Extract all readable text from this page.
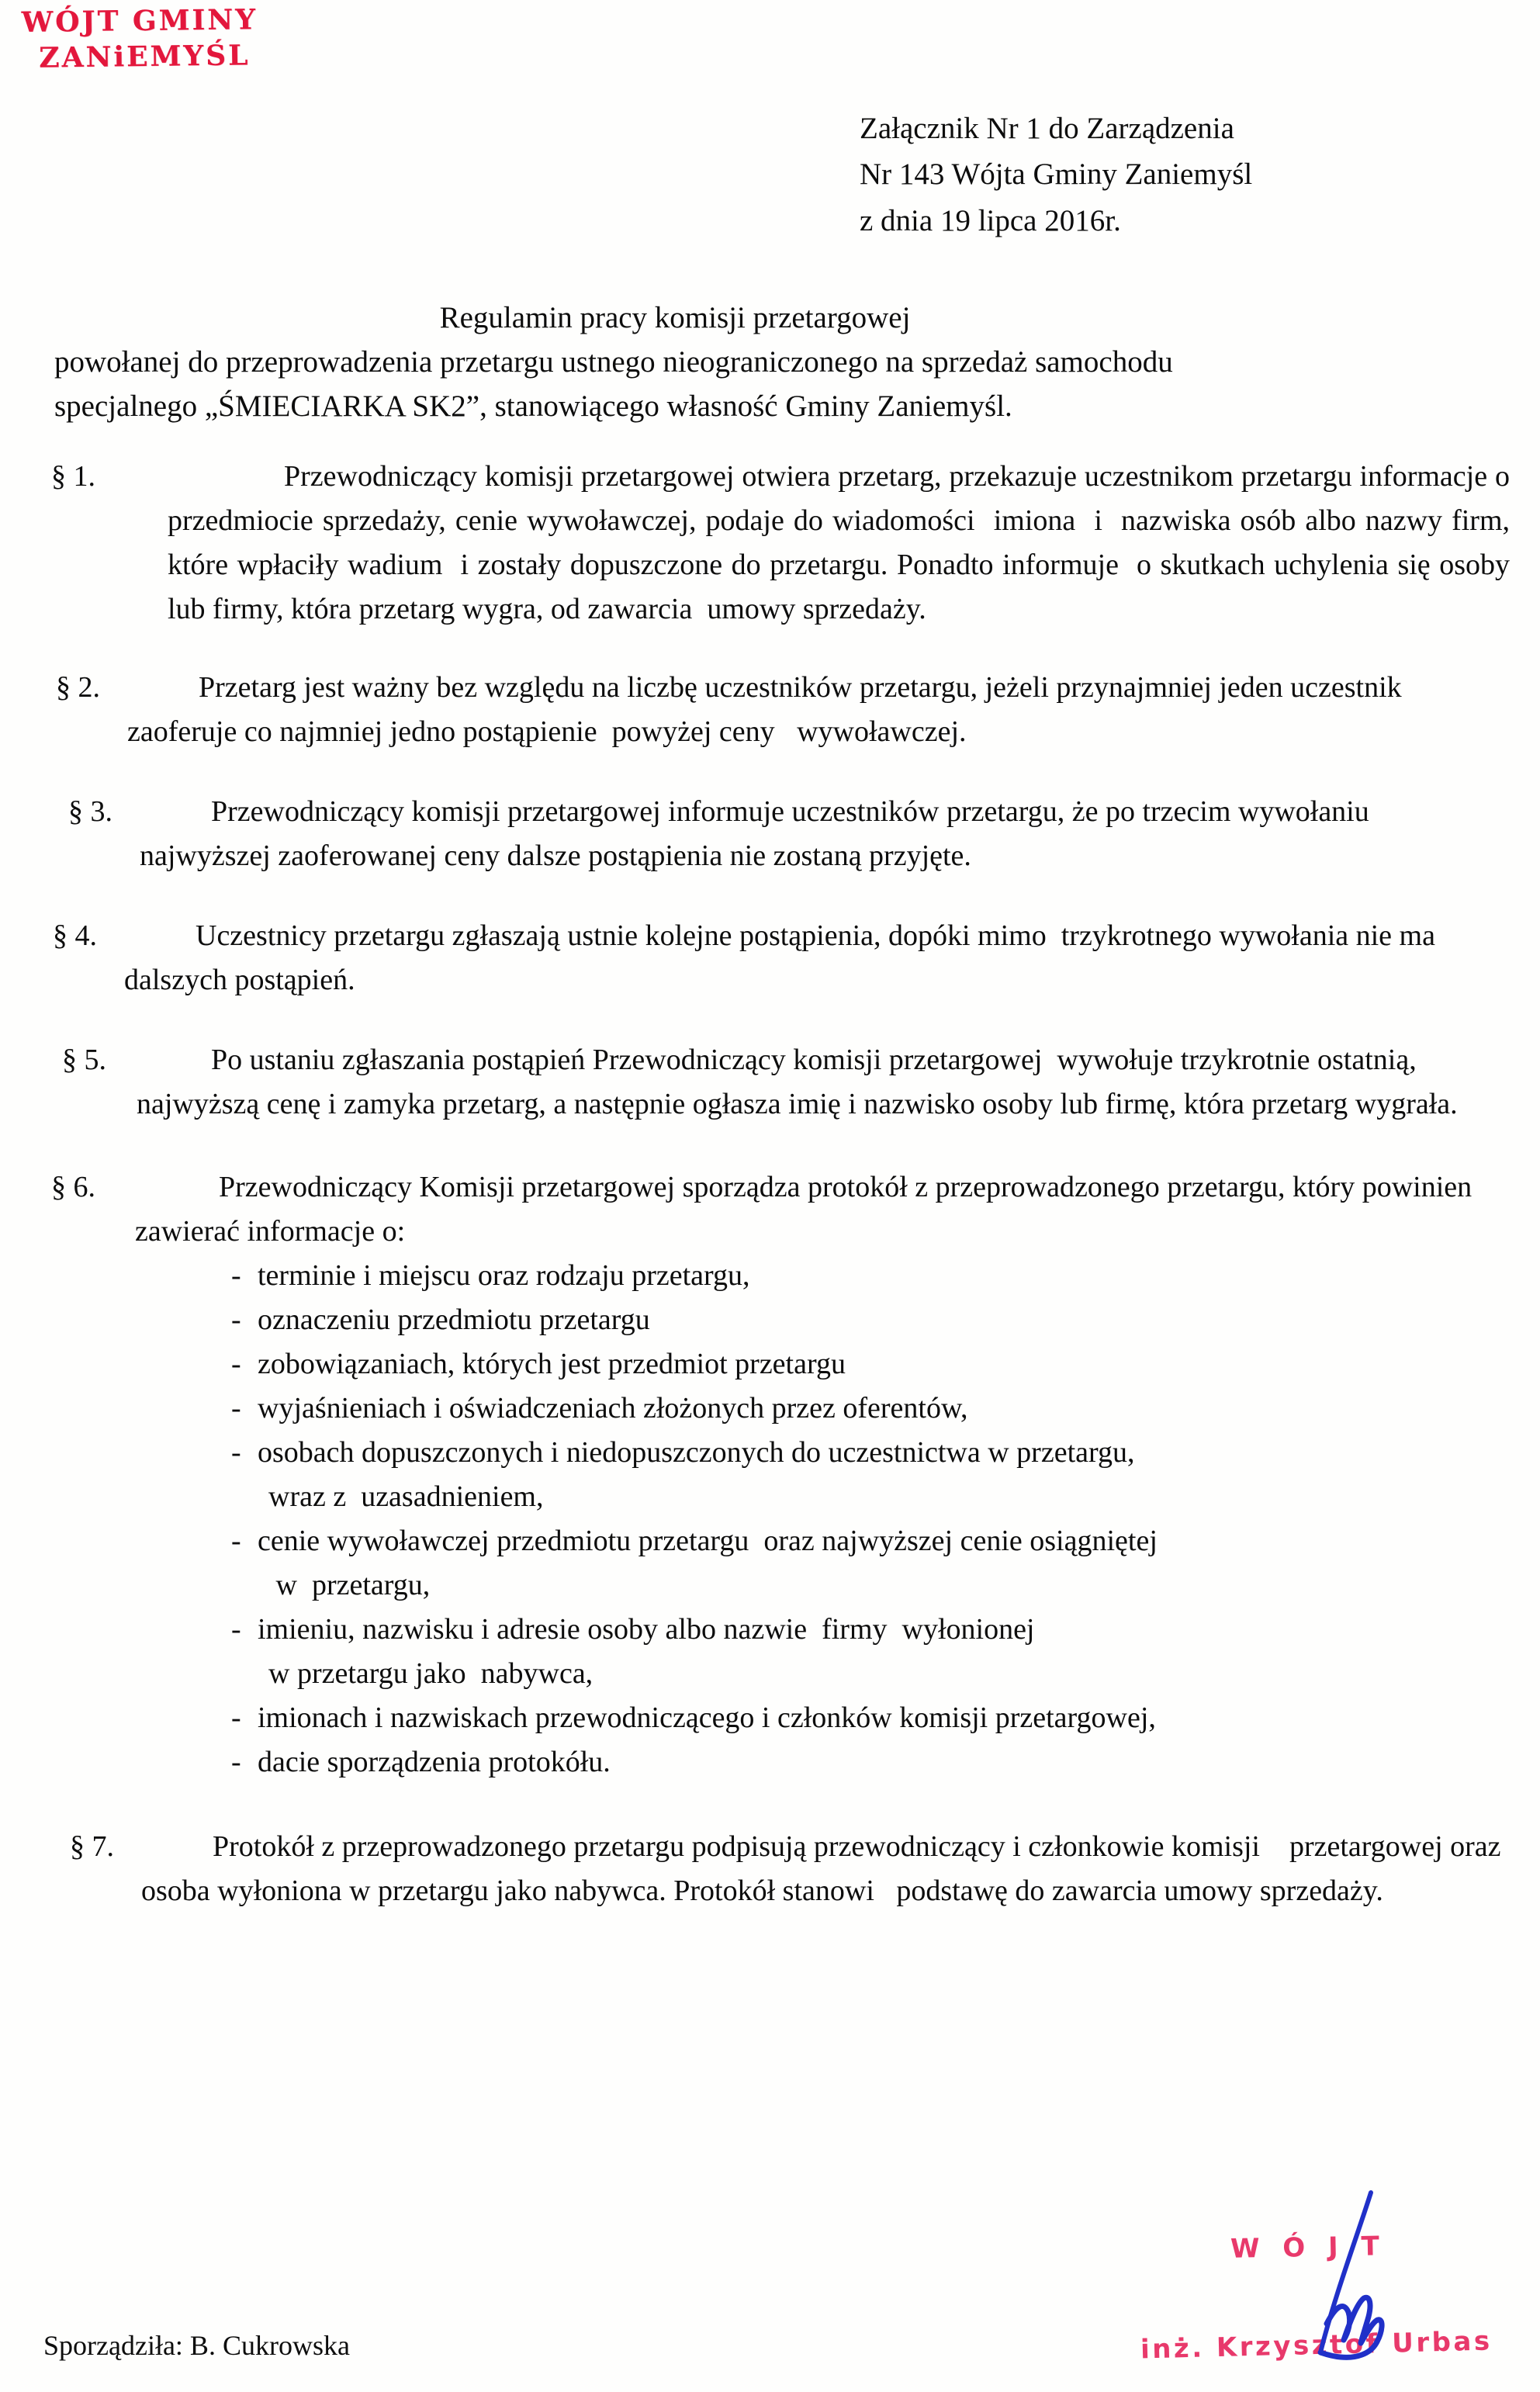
WÓJT GMINY
ZANiEMYŚL
Załącznik Nr 1 do Zarządzenia
Nr 143 Wójta Gminy Zaniemyśl
z dnia 19 lipca 2016r.
Regulamin pracy komisji przetargowej
powołanej do przeprowadzenia przetargu ustnego nieograniczonego na sprzedaż samochodu
specjalnego „ŚMIECIARKA SK2”, stanowiącego własność Gminy Zaniemyśl.
§ 1.	Przewodniczący komisji przetargowej otwiera przetarg, przekazuje uczestnikom przetargu informacje o przedmiocie sprzedaży, cenie wywoławczej, podaje do wiadomości  imiona  i  nazwiska osób albo nazwy firm, które wpłaciły wadium  i zostały dopuszczone do przetargu. Ponadto informuje  o skutkach uchylenia się osoby lub firmy, która przetarg wygra, od zawarcia  umowy sprzedaży.
§ 2.	Przetarg jest ważny bez względu na liczbę uczestników przetargu, jeżeli przynajmniej jeden uczestnik zaoferuje co najmniej jedno postąpienie  powyżej ceny   wywoławczej.
§ 3.	Przewodniczący komisji przetargowej informuje uczestników przetargu, że po trzecim wywołaniu najwyższej zaoferowanej ceny dalsze postąpienia nie zostaną przyjęte.
§ 4.	Uczestnicy przetargu zgłaszają ustnie kolejne postąpienia, dopóki mimo  trzykrotnego wywołania nie ma dalszych postąpień.
§ 5.	Po ustaniu zgłaszania postąpień Przewodniczący komisji przetargowej  wywołuje trzykrotnie ostatnią, najwyższą cenę i zamyka przetarg, a następnie ogłasza imię i nazwisko osoby lub firmę, która przetarg wygrała.
§ 6.	Przewodniczący Komisji przetargowej sporządza protokół z przeprowadzonego przetargu, który powinien zawierać informacje o:
- terminie i miejscu oraz rodzaju przetargu,
- oznaczeniu przedmiotu przetargu
- zobowiązaniach, których jest przedmiot przetargu
- wyjaśnieniach i oświadczeniach złożonych przez oferentów,
- osobach dopuszczonych i niedopuszczonych do uczestnictwa w przetargu,
wraz z  uzasadnieniem,
- cenie wywoławczej przedmiotu przetargu  oraz najwyższej cenie osiągniętej
w  przetargu,
- imieniu, nazwisku i adresie osoby albo nazwie  firmy  wyłonionej
w przetargu jako  nabywca,
- imionach i nazwiskach przewodniczącego i członków komisji przetargowej,
- dacie sporządzenia protokółu.
§ 7.	Protokół z przeprowadzonego przetargu podpisują przewodniczący i członkowie komisji    przetargowej oraz osoba wyłoniona w przetargu jako nabywca. Protokół stanowi   podstawę do zawarcia umowy sprzedaży.
Sporządziła: B. Cukrowska
W Ó J T
inż. Krzysztof Urbas
